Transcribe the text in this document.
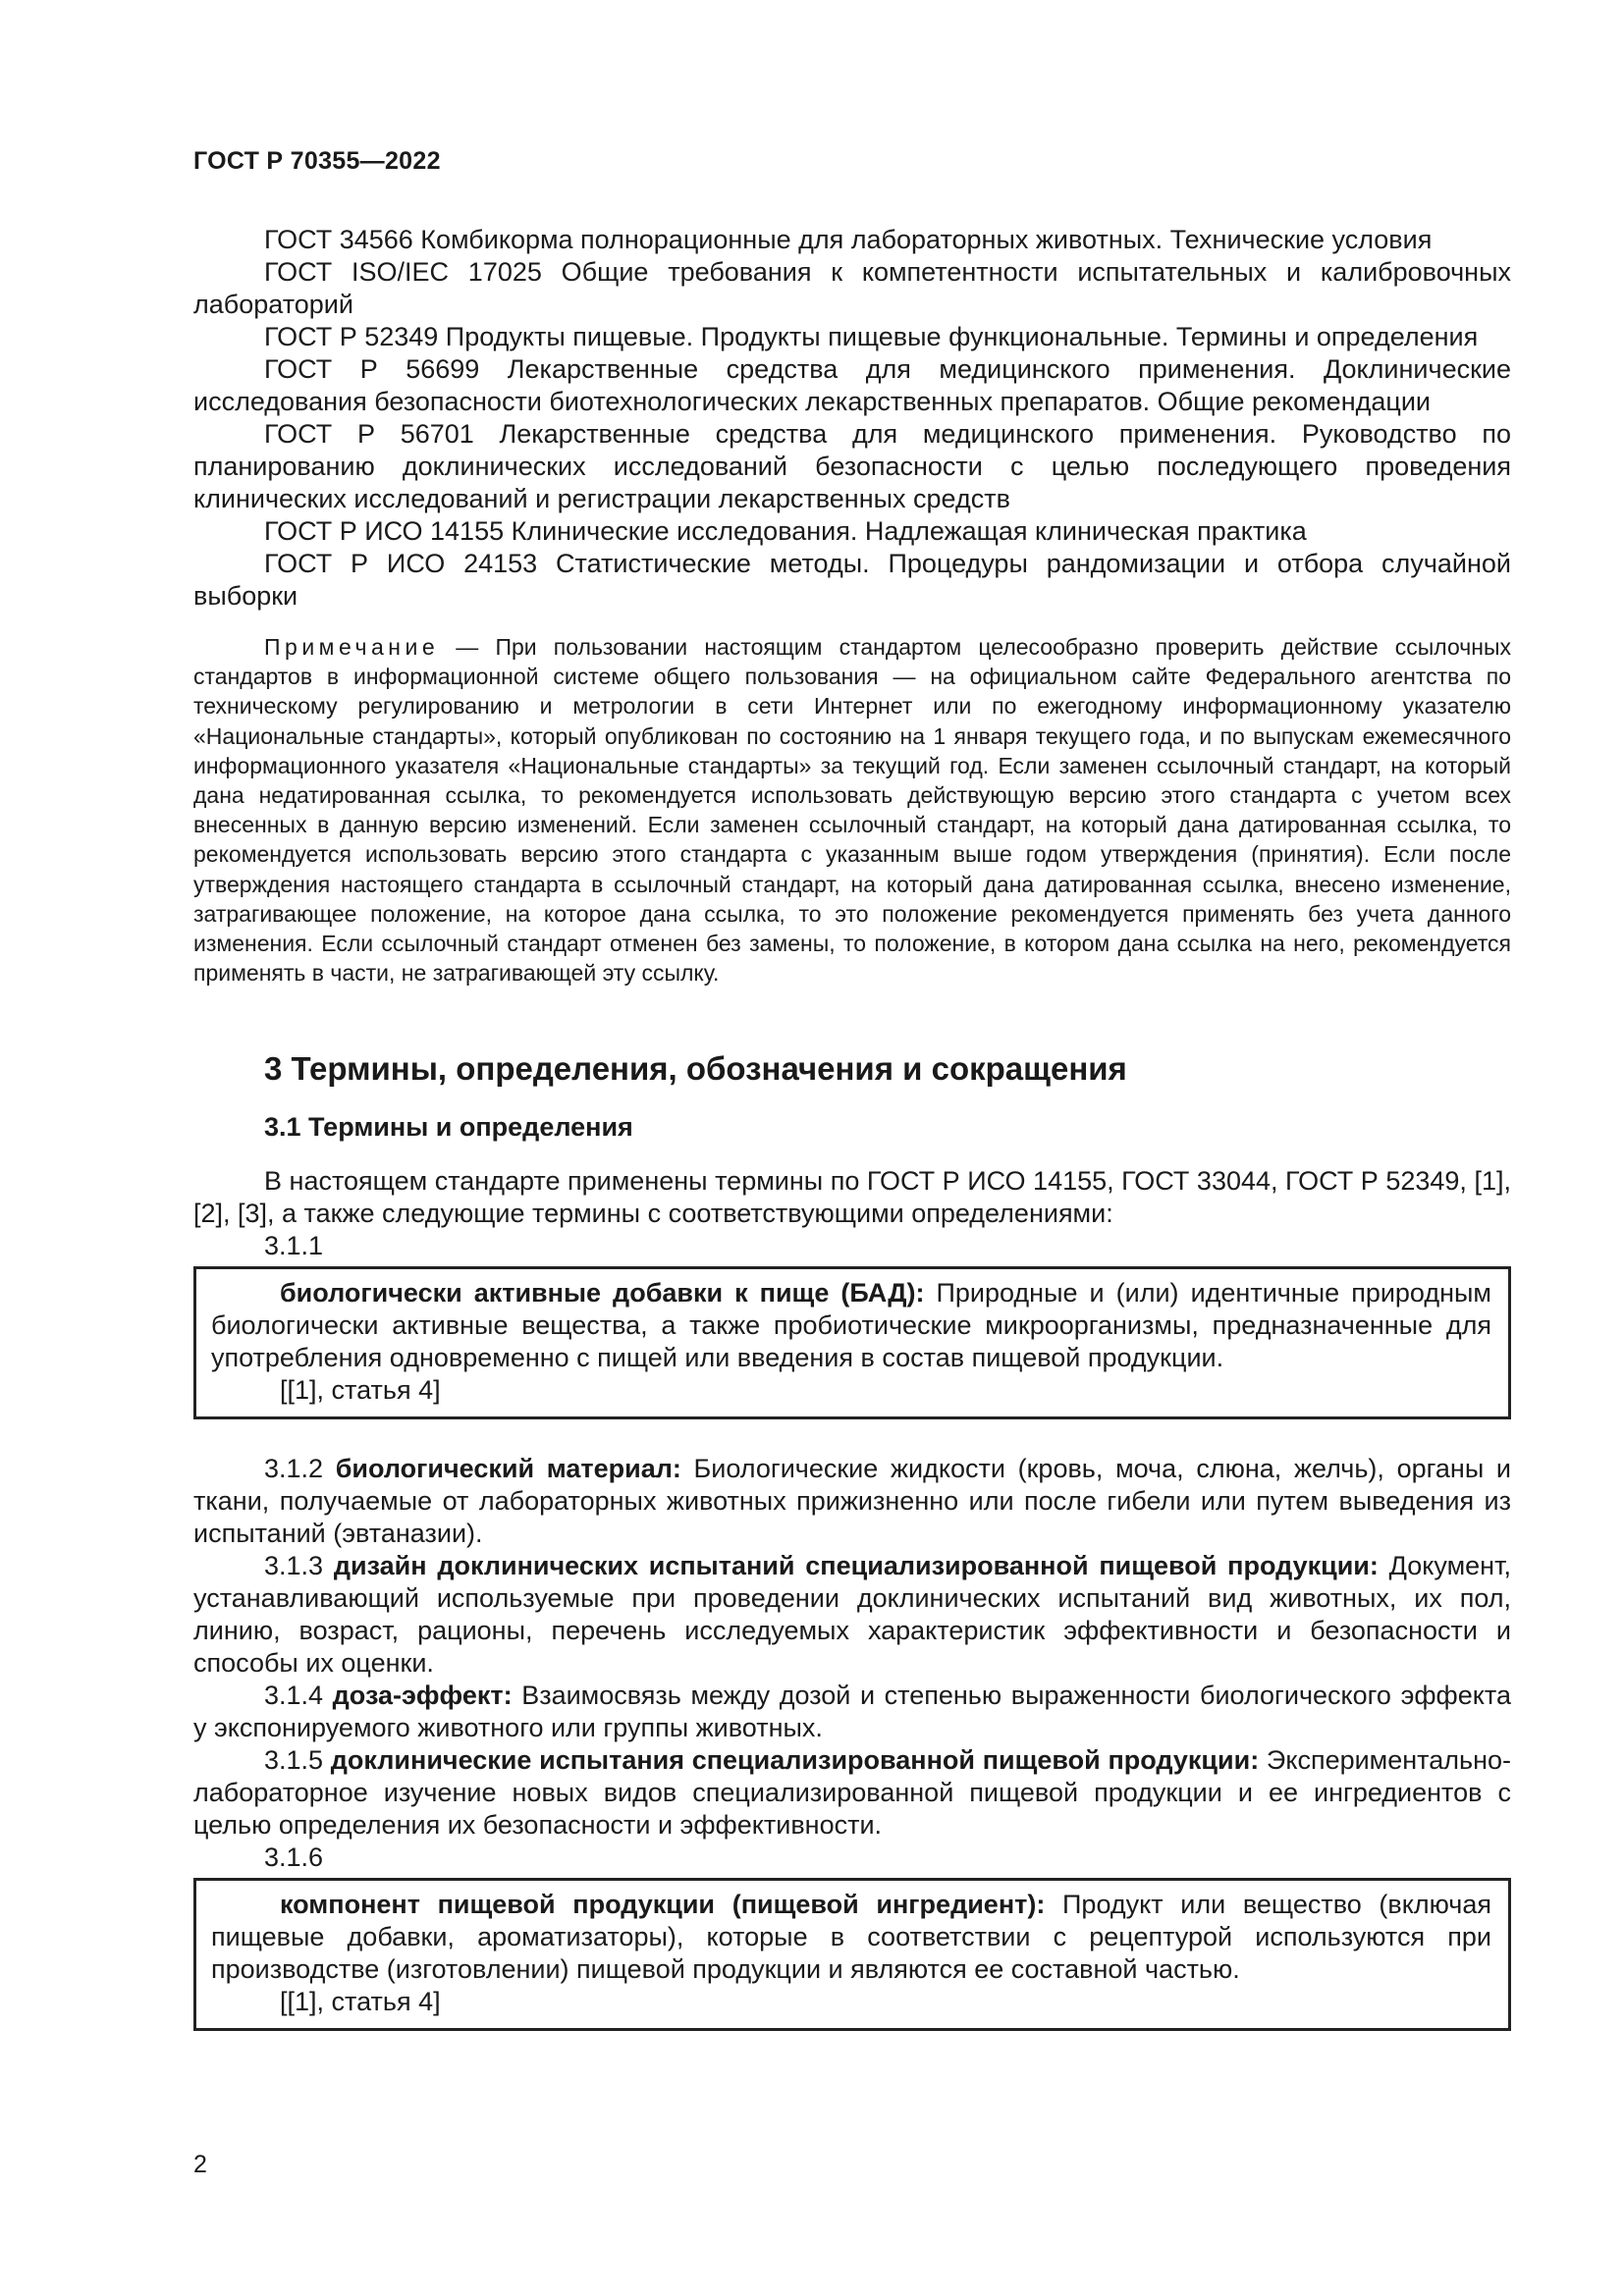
ГОСТ Р 70355—2022

ГОСТ 34566 Комбикорма полнорационные для лабораторных животных. Технические условия

ГОСТ ISO/IEC 17025 Общие требования к компетентности испытательных и калибровочных лабораторий

ГОСТ Р 52349 Продукты пищевые. Продукты пищевые функциональные. Термины и определения

ГОСТ Р 56699 Лекарственные средства для медицинского применения. Доклинические исследования безопасности биотехнологических лекарственных препаратов. Общие рекомендации

ГОСТ Р 56701 Лекарственные средства для медицинского применения. Руководство по планированию доклинических исследований безопасности с целью последующего проведения клинических исследований и регистрации лекарственных средств

ГОСТ Р ИСО 14155 Клинические исследования. Надлежащая клиническая практика

ГОСТ Р ИСО 24153 Статистические методы. Процедуры рандомизации и отбора случайной выборки

Примечание — При пользовании настоящим стандартом целесообразно проверить действие ссылочных стандартов в информационной системе общего пользования — на официальном сайте Федерального агентства по техническому регулированию и метрологии в сети Интернет или по ежегодному информационному указателю «Национальные стандарты», который опубликован по состоянию на 1 января текущего года, и по выпускам ежемесячного информационного указателя «Национальные стандарты» за текущий год. Если заменен ссылочный стандарт, на который дана недатированная ссылка, то рекомендуется использовать действующую версию этого стандарта с учетом всех внесенных в данную версию изменений. Если заменен ссылочный стандарт, на который дана датированная ссылка, то рекомендуется использовать версию этого стандарта с указанным выше годом утверждения (принятия). Если после утверждения настоящего стандарта в ссылочный стандарт, на который дана датированная ссылка, внесено изменение, затрагивающее положение, на которое дана ссылка, то это положение рекомендуется применять без учета данного изменения. Если ссылочный стандарт отменен без замены, то положение, в котором дана ссылка на него, рекомендуется применять в части, не затрагивающей эту ссылку.

3 Термины, определения, обозначения и сокращения
3.1 Термины и определения

В настоящем стандарте применены термины по ГОСТ Р ИСО 14155, ГОСТ 33044, ГОСТ Р 52349, [1], [2], [3], а также следующие термины с соответствующими определениями:

3.1.1

биологически активные добавки к пище (БАД): Природные и (или) идентичные природным биологически активные вещества, а также пробиотические микроорганизмы, предназначенные для употребления одновременно с пищей или введения в состав пищевой продукции.

[[1], статья 4]

3.1.2 биологический материал: Биологические жидкости (кровь, моча, слюна, желчь), органы и ткани, получаемые от лабораторных животных прижизненно или после гибели или путем выведения из испытаний (эвтаназии).

3.1.3 дизайн доклинических испытаний специализированной пищевой продукции: Документ, устанавливающий используемые при проведении доклинических испытаний вид животных, их пол, линию, возраст, рационы, перечень исследуемых характеристик эффективности и безопасности и способы их оценки.

3.1.4 доза-эффект: Взаимосвязь между дозой и степенью выраженности биологического эффекта у экспонируемого животного или группы животных.

3.1.5 доклинические испытания специализированной пищевой продукции: Экспериментально-лабораторное изучение новых видов специализированной пищевой продукции и ее ингредиентов с целью определения их безопасности и эффективности.

3.1.6

компонент пищевой продукции (пищевой ингредиент): Продукт или вещество (включая пищевые добавки, ароматизаторы), которые в соответствии с рецептурой используются при производстве (изготовлении) пищевой продукции и являются ее составной частью.

[[1], статья 4]

2
